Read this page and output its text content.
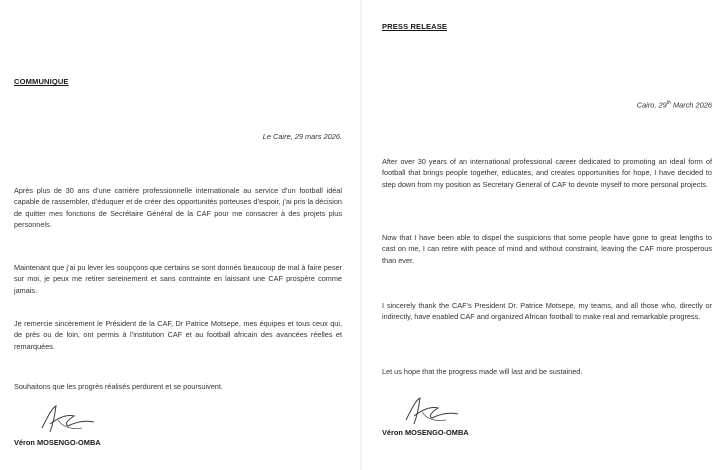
COMMUNIQUE
Le Caire, 29 mars 2026.

Après plus de 30 ans d’une carrière professionnelle internationale au service d’un football idéal capable de rassembler, d’éduquer et de créer des opportunités porteuses d’espoir, j’ai pris la décision de quitter mes fonctions de Secrétaire Général de la CAF pour me consacrer à des projets plus personnels.

Maintenant que j’ai pu lever les soupçons que certains se sont donnés beaucoup de mal à faire peser sur moi, je peux me retirer sereinement et sans contrainte en laissant une CAF prospère comme jamais.

Je remercie sincèrement le Président de la CAF, Dr Patrice Motsepe, mes équipes et tous ceux qui, de près ou de loin, ont permis à l’institution CAF et au football africain des avancées réelles et remarquées.

Souhaitons que les progrès réalisés perdurent et se poursuivent.

Véron MOSENGO-OMBA
PRESS RELEASE
Cairo, 29th March 2026

After over 30 years of an international professional career dedicated to promoting an ideal form of football that brings people together, educates, and creates opportunities for hope, I have decided to step down from my position as Secretary General of CAF to devote myself to more personal projects.

Now that I have been able to dispel the suspicions that some people have gone to great lengths to cast on me, I can retire with peace of mind and without constraint, leaving the CAF more prosperous than ever.

I sincerely thank the CAF’s President Dr. Patrice Motsepe, my teams, and all those who, directly or indirectly, have enabled CAF and organized African football to make real and remarkable progress.

Let us hope that the progress made will last and be sustained.

Véron MOSENGO-OMBA
